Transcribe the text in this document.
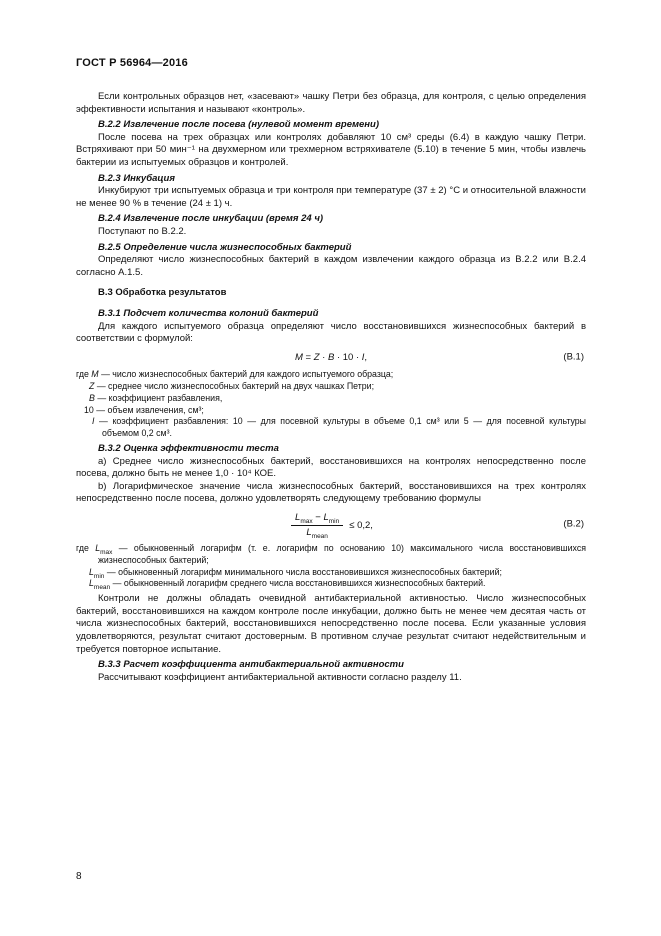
ГОСТ Р 56964—2016

Если контрольных образцов нет, «засевают» чашку Петри без образца, для контроля, с целью определения эффективности испытания и называют «контроль».

В.2.2 Извлечение после посева (нулевой момент времени)

После посева на трех образцах или контролях добавляют 10 см³ среды (6.4) в каждую чашку Петри. Встряхивают при 50 мин⁻¹ на двухмерном или трехмерном встряхивателе (5.10) в течение 5 мин, чтобы извлечь бактерии из испытуемых образцов и контролей.

В.2.3 Инкубация

Инкубируют три испытуемых образца и три контроля при температуре (37 ± 2) °С и относительной влажности не менее 90 % в течение (24 ± 1) ч.

В.2.4 Извлечение после инкубации (время 24 ч)

Поступают по В.2.2.

В.2.5 Определение числа жизнеспособных бактерий

Определяют число жизнеспособных бактерий в каждом извлечении каждого образца из В.2.2 или В.2.4 согласно А.1.5.

В.3 Обработка результатов

В.3.1 Подсчет количества колоний бактерий

Для каждого испытуемого образца определяют число восстановившихся жизнеспособных бактерий в соответствии с формулой:

М = Z · В · 10 · I,	(В.1)
где М — число жизнеспособных бактерий для каждого испытуемого образца;
Z — среднее число жизнеспособных бактерий на двух чашках Петри;
В — коэффициент разбавления,
10 — объем извлечения, см³;
I — коэффициент разбавления: 10 — для посевной культуры в объеме 0,1 см³ или 5 — для посевной культуры объемом 0,2 см³.

В.3.2 Оценка эффективности теста

а) Среднее число жизнеспособных бактерий, восстановившихся на контролях непосредственно после посева, должно быть не менее 1,0 · 10⁴ КОЕ.

b) Логарифмическое значение числа жизнеспособных бактерий, восстановившихся на трех контролях непосредственно после посева, должно удовлетворять следующему требованию формулы

$\frac{L_{max} - L_{min}}{L_{mean}} \le 0,2$,	(В.2)
где $L_{max}$ — обыкновенный логарифм (т. е. логарифм по основанию 10) максимального числа восстановившихся жизнеспособных бактерий;
$L_{min}$ — обыкновенный логарифм минимального числа восстановившихся жизнеспособных бактерий;
$L_{mean}$ — обыкновенный логарифм среднего числа восстановившихся жизнеспособных бактерий.

Контроли не должны обладать очевидной антибактериальной активностью. Число жизнеспособных бактерий, восстановившихся на каждом контроле после инкубации, должно быть не менее чем десятая часть от числа жизнеспособных бактерий, восстановившихся непосредственно после посева. Если указанные условия удовлетворяются, результат считают достоверным. В противном случае результат считают недействительным и требуется повторное испытание.

В.3.3 Расчет коэффициента антибактериальной активности

Рассчитывают коэффициент антибактериальной активности согласно разделу 11.

8
